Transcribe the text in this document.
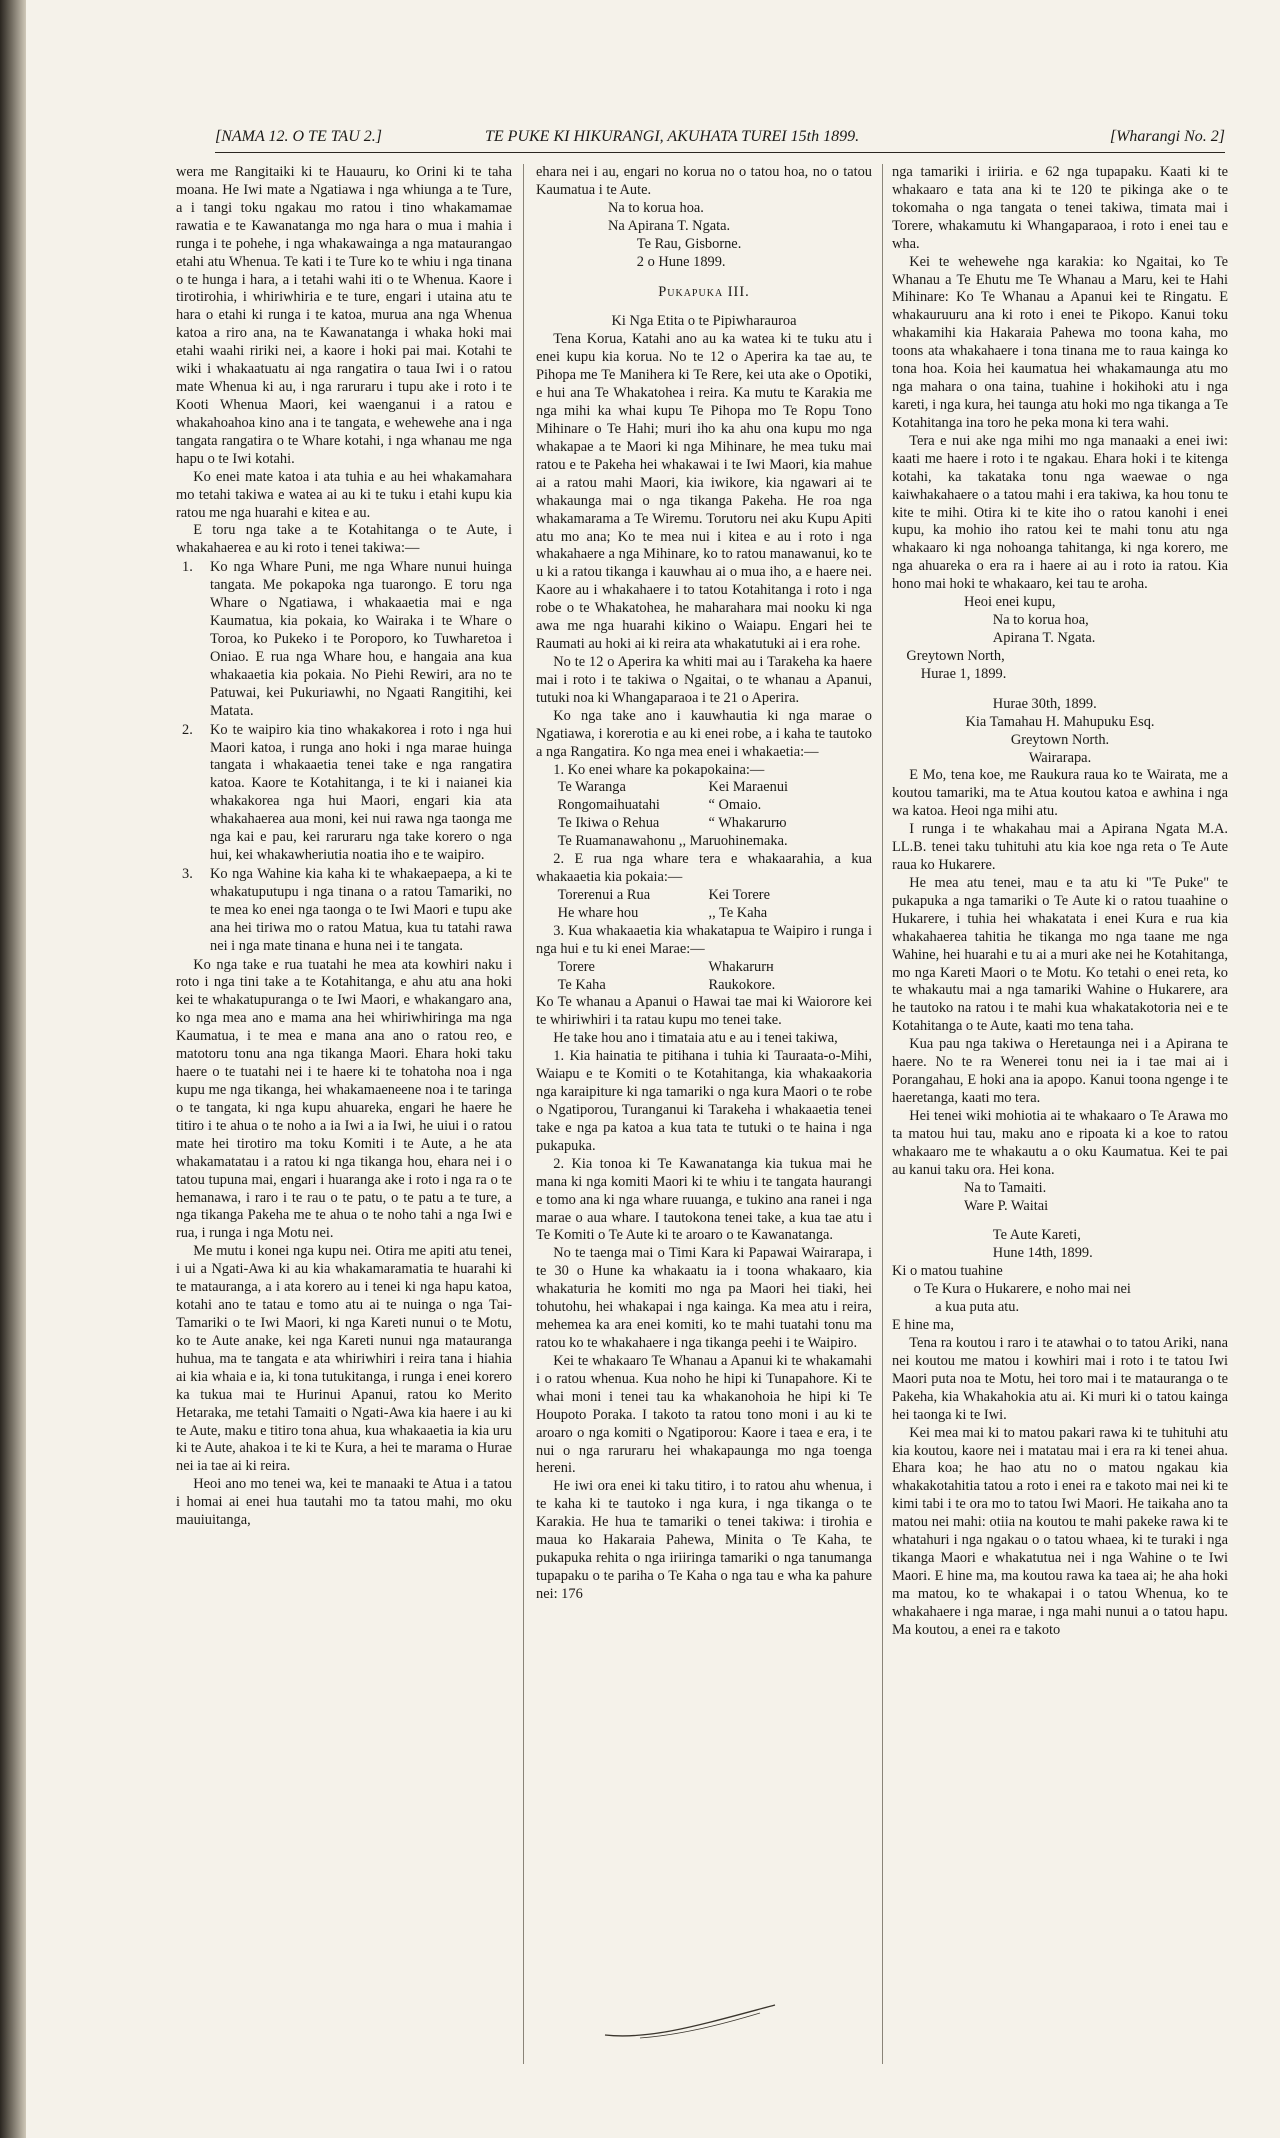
[NAMA 12. O TE TAU 2.]	TE PUKE KI HIKURANGI, AKUHATA TUREI 15th 1899.	[Wharangi No. 2]

wera me Rangitaiki ki te Hauauru, ko Orini ki te taha moana. He Iwi mate a Ngatiawa i nga whiunga a te Ture, a i tangi toku ngakau mo ratou i tino whakamamae rawatia e te Kawanatanga mo nga hara o mua i mahia i runga i te pohehe, i nga whakawainga a nga mataurangao etahi atu Whenua. Te kati i te Ture ko te whiu i nga tinana o te hunga i hara, a i tetahi wahi iti o te Whenua. Kaore i tirotirohia, i whiriwhiria e te ture, engari i utaina atu te hara o etahi ki runga i te katoa, murua ana nga Whenua katoa a riro ana, na te Kawanatanga i whaka hoki mai etahi waahi ririki nei, a kaore i hoki pai mai. Kotahi te wiki i whakaatuatu ai nga rangatira o taua Iwi i o ratou mate Whenua ki au, i nga raruraru i tupu ake i roto i te Kooti Whenua Maori, kei waenganui i a ratou e whakahoahoa kino ana i te tangata, e wehewehe ana i nga tangata rangatira o te Whare kotahi, i nga whanau me nga hapu o te Iwi kotahi.

Ko enei mate katoa i ata tuhia e au hei whakamahara mo tetahi takiwa e watea ai au ki te tuku i etahi kupu kia ratou me nga huarahi e kitea e au.

E toru nga take a te Kotahitanga o te Aute, i whakahaerea e au ki roto i tenei takiwa:—

1.	Ko nga Whare Puni, me nga Whare nunui huinga tangata. Me pokapoka nga tuarongo. E toru nga Whare o Ngatiawa, i whakaaetia mai e nga Kaumatua, kia pokaia, ko Wairaka i te Whare o Toroa, ko Pukeko i te Poroporo, ko Tuwharetoa i Oniao. E rua nga Whare hou, e hangaia ana kua whakaaetia kia pokaia. No Piehi Rewiri, ara no te Patuwai, kei Pukuriawhi, no Ngaati Rangitihi, kei Matata.
2.	Ko te waipiro kia tino whakakorea i roto i nga hui Maori katoa, i runga ano hoki i nga marae huinga tangata i whakaaetia tenei take e nga rangatira katoa. Kaore te Kotahitanga, i te ki i naianei kia whakakorea nga hui Maori, engari kia ata whakahaerea aua moni, kei nui rawa nga taonga me nga kai e pau, kei raruraru nga take korero o nga hui, kei whakawheriutia noatia iho e te waipiro.
3.	Ko nga Wahine kia kaha ki te whakaepaepa, a ki te whakatuputupu i nga tinana o a ratou Tamariki, no te mea ko enei nga taonga o te Iwi Maori e tupu ake ana hei tiriwa mo o ratou Matua, kua tu tatahi rawa nei i nga mate tinana e huna nei i te tangata.

Ko nga take e rua tuatahi he mea ata kowhiri naku i roto i nga tini take a te Kotahitanga, e ahu atu ana hoki kei te whakatupuranga o te Iwi Maori, e whakangaro ana, ko nga mea ano e mama ana hei whiriwhiringa ma nga Kaumatua, i te mea e mana ana ano o ratou reo, e matotoru tonu ana nga tikanga Maori. Ehara hoki taku haere o te tuatahi nei i te haere ki te tohatoha noa i nga kupu me nga tikanga, hei whakamaeneene noa i te taringa o te tangata, ki nga kupu ahuareka, engari he haere he titiro i te ahua o te noho a ia Iwi a ia Iwi, he uiui i o ratou mate hei tirotiro ma toku Komiti i te Aute, a he ata whakamatatau i a ratou ki nga tikanga hou, ehara nei i o tatou tupuna mai, engari i huaranga ake i roto i nga ra o te hemanawa, i raro i te rau o te patu, o te patu a te ture, a nga tikanga Pakeha me te ahua o te noho tahi a nga Iwi e rua, i runga i nga Motu nei.

Me mutu i konei nga kupu nei. Otira me apiti atu tenei, i ui a Ngati-Awa ki au kia whakamaramatia te huarahi ki te matauranga, a i ata korero au i tenei ki nga hapu katoa, kotahi ano te tatau e tomo atu ai te nuinga o nga Tai-Tamariki o te Iwi Maori, ki nga Kareti nunui o te Motu, ko te Aute anake, kei nga Kareti nunui nga matauranga huhua, ma te tangata e ata whiriwhiri i reira tana i hiahia ai kia whaia e ia, ki tona tutukitanga, i runga i enei korero ka tukua mai te Hurinui Apanui, ratou ko Merito Hetaraka, me tetahi Tamaiti o Ngati-Awa kia haere i au ki te Aute, maku e titiro tona ahua, kua whakaaetia ia kia uru ki te Aute, ahakoa i te ki te Kura, a hei te marama o Hurae nei ia tae ai ki reira.

Heoi ano mo tenei wa, kei te manaaki te Atua i a tatou i homai ai enei hua tautahi mo ta tatou mahi, mo oku mauiuitanga,

ehara nei i au, engari no korua no o tatou hoa, no o tatou Kaumatua i te Aute.

Na to korua hoa.

Na Apirana T. Ngata.

Te Rau, Gisborne.

2 o Hune 1899.

Pukapuka III.

Ki Nga Etita o te Pipiwharauroa

Tena Korua, Katahi ano au ka watea ki te tuku atu i enei kupu kia korua. No te 12 o Aperira ka tae au, te Pihopa me Te Manihera ki Te Rere, kei uta ake o Opotiki, e hui ana Te Whakatohea i reira. Ka mutu te Karakia me nga mihi ka whai kupu Te Pihopa mo Te Ropu Tono Mihinare o Te Hahi; muri iho ka ahu ona kupu mo nga whakapae a te Maori ki nga Mihinare, he mea tuku mai ratou e te Pakeha hei whakawai i te Iwi Maori, kia mahue ai a ratou mahi Maori, kia iwikore, kia ngawari ai te whakaunga mai o nga tikanga Pakeha. He roa nga whakamarama a Te Wiremu. Torutoru nei aku Kupu Apiti atu mo ana; Ko te mea nui i kitea e au i roto i nga whakahaere a nga Mihinare, ko to ratou manawanui, ko te u ki a ratou tikanga i kauwhau ai o mua iho, a e haere nei. Kaore au i whakahaere i to tatou Kotahitanga i roto i nga robe o te Whakatohea, he maharahara mai nooku ki nga awa me nga huarahi kikino o Waiapu. Engari hei te Raumati au hoki ai ki reira ata whakatutuki ai i era rohe.

No te 12 o Aperira ka whiti mai au i Tarakeha ka haere mai i roto i te takiwa o Ngaitai, o te whanau a Apanui, tutuki noa ki Whangaparaoa i te 21 o Aperira.

Ko nga take ano i kauwhautia ki nga marae o Ngatiawa, i korerotia e au ki enei robe, a i kaha te tautoko a nga Rangatira. Ko nga mea enei i whakaetia:—

1. Ko enei whare ka pokapokaina:—

Te Waranga	Kei Maraenui
Rongomaihuatahi	“ Omaio.
Te Ikiwa o Rehua	“ Whakarurю

Te Ruamanawahonu ,, Maruohinemaka.

2. E rua nga whare tera e whakaarahia, a kua whakaaetia kia pokaia:—

Torerenui a Rua	Kei Torere
He whare hou	,, Te Kaha

3. Kua whakaaetia kia whakatapua te Waipiro i runga i nga hui e tu ki enei Marae:—

Torere	Whakarurн
Te Kaha	Raukokore.

Ko Te whanau a Apanui o Hawai tae mai ki Waiorore kei te whiriwhiri i ta ratau kupu mo tenei take.

He take hou ano i timataia atu e au i tenei takiwa,

1. Kia hainatia te pitihana i tuhia ki Tauraata-o-Mihi, Waiapu e te Komiti o te Kotahitanga, kia whakaakoria nga karaipiture ki nga tamariki o nga kura Maori o te robe o Ngatiporou, Turanganui ki Tarakeha i whakaaetia tenei take e nga pa katoa a kua tata te tutuki o te haina i nga pukapuka.

2. Kia tonoa ki Te Kawanatanga kia tukua mai he mana ki nga komiti Maori ki te whiu i te tangata haurangi e tomo ana ki nga whare ruuanga, e tukino ana ranei i nga marae o aua whare. I tautokona tenei take, a kua tae atu i Te Komiti o Te Aute ki te aroaro o te Kawanatanga.

No te taenga mai o Timi Kara ki Papawai Wairarapa, i te 30 o Hune ka whakaatu ia i toona whakaaro, kia whakaturia he komiti mo nga pa Maori hei tiaki, hei tohutohu, hei whakapai i nga kainga. Ka mea atu i reira, mehemea ka ara enei komiti, ko te mahi tuatahi tonu ma ratou ko te whakahaere i nga tikanga peehi i te Waipiro.

Kei te whakaaro Te Whanau a Apanui ki te whakamahi i o ratou whenua. Kua noho he hipi ki Tunapahore. Ki te whai moni i tenei tau ka whakanohoia he hipi ki Te Houpoto Poraka. I takoto ta ratou tono moni i au ki te aroaro o nga komiti o Ngatiporou: Kaore i taea e era, i te nui o nga raruraru hei whakapaunga mo nga toenga hereni.

He iwi ora enei ki taku titiro, i to ratou ahu whenua, i te kaha ki te tautoko i nga kura, i nga tikanga o te Karakia. He hua te tamariki o tenei takiwa: i tirohia e maua ko Hakaraia Pahewa, Minita o Te Kaha, te pukapuka rehita o nga iriiringa tamariki o nga tanumanga tupapaku o te pariha o Te Kaha o nga tau e wha ka pahure nei: 176

nga tamariki i iriiria. e 62 nga tupapaku. Kaati ki te whakaaro e tata ana ki te 120 te pikinga ake o te tokomaha o nga tangata o tenei takiwa, timata mai i Torere, whakamutu ki Whangaparaoa, i roto i enei tau e wha.

Kei te wehewehe nga karakia: ko Ngaitai, ko Te Whanau a Te Ehutu me Te Whanau a Maru, kei te Hahi Mihinare: Ko Te Whanau a Apanui kei te Ringatu. E whakauruuru ana ki roto i enei te Pikopo. Kanui toku whakamihi kia Hakaraia Pahewa mo toona kaha, mo toons ata whakahaere i tona tinana me to raua kainga ko tona hoa. Koia hei kaumatua hei whakamaunga atu mo nga mahara o ona taina, tuahine i hokihoki atu i nga kareti, i nga kura, hei taunga atu hoki mo nga tikanga a Te Kotahitanga ina toro he peka mona ki tera wahi.

Tera e nui ake nga mihi mo nga manaaki a enei iwi: kaati me haere i roto i te ngakau. Ehara hoki i te kitenga kotahi, ka takataka tonu nga waewae o nga kaiwhakahaere o a tatou mahi i era takiwa, ka hou tonu te kite te mihi. Otira ki te kite iho o ratou kanohi i enei kupu, ka mohio iho ratou kei te mahi tonu atu nga whakaaro ki nga nohoanga tahitanga, ki nga korero, me nga ahuareka o era ra i haere ai au i roto ia ratou. Kia hono mai hoki te whakaaro, kei tau te aroha.

Heoi enei kupu,

Na to korua hoa,

Apirana T. Ngata.

Greytown North,

Hurae 1, 1899.

Hurae 30th, 1899.

Kia Tamahau H. Mahupuku Esq.

Greytown North.

Wairarapa.

E Mo, tena koe, me Raukura raua ko te Wairata, me a koutou tamariki, ma te Atua koutou katoa e awhina i nga wa katoa. Heoi nga mihi atu.

I runga i te whakahau mai a Apirana Ngata M.A. LL.B. tenei taku tuhituhi atu kia koe nga reta o Te Aute raua ko Hukarere.

He mea atu tenei, mau e ta atu ki "Te Puke" te pukapuka a nga tamariki o Te Aute ki o ratou tuaahine o Hukarere, i tuhia hei whakatata i enei Kura e rua kia whakahaerea tahitia he tikanga mo nga taane me nga Wahine, hei huarahi e tu ai a muri ake nei he Kotahitanga, mo nga Kareti Maori o te Motu. Ko tetahi o enei reta, ko te whakautu mai a nga tamariki Wahine o Hukarere, ara he tautoko na ratou i te mahi kua whakatakotoria nei e te Kotahitanga o te Aute, kaati mo tena taha.

Kua pau nga takiwa o Heretaunga nei i a Apirana te haere. No te ra Wenerei tonu nei ia i tae mai ai i Porangahau, E hoki ana ia apopo. Kanui toona ngenge i te haeretanga, kaati mo tera.

Hei tenei wiki mohiotia ai te whakaaro o Te Arawa mo ta matou hui tau, maku ano e ripoata ki a koe to ratou whakaaro me te whakautu a o oku Kaumatua. Kei te pai au kanui taku ora. Hei kona.

Na to Tamaiti.

Ware P. Waitai

Te Aute Kareti,

Hune 14th, 1899.

Ki o matou tuahine

o Te Kura o Hukarere, e noho mai nei

a kua puta atu.

E hine ma,

Tena ra koutou i raro i te atawhai o to tatou Ariki, nana nei koutou me matou i kowhiri mai i roto i te tatou Iwi Maori puta noa te Motu, hei toro mai i te matauranga o te Pakeha, kia Whakahokia atu ai. Ki muri ki o tatou kainga hei taonga ki te Iwi.

Kei mea mai ki to matou pakari rawa ki te tuhituhi atu kia koutou, kaore nei i matatau mai i era ra ki tenei ahua. Ehara koa; he hao atu no o matou ngakau kia whakakotahitia tatou a roto i enei ra e takoto mai nei ki te kimi tabi i te ora mo to tatou Iwi Maori. He taikaha ano ta matou nei mahi: otiia na koutou te mahi pakeke rawa ki te whatahuri i nga ngakau o o tatou whaea, ki te turaki i nga tikanga Maori e whakatutua nei i nga Wahine o te Iwi Maori. E hine ma, ma koutou rawa ka taea ai; he aha hoki ma matou, ko te whakapai i o tatou Whenua, ko te whakahaere i nga marae, i nga mahi nunui a o tatou hapu. Ma koutou, a enei ra e takoto
